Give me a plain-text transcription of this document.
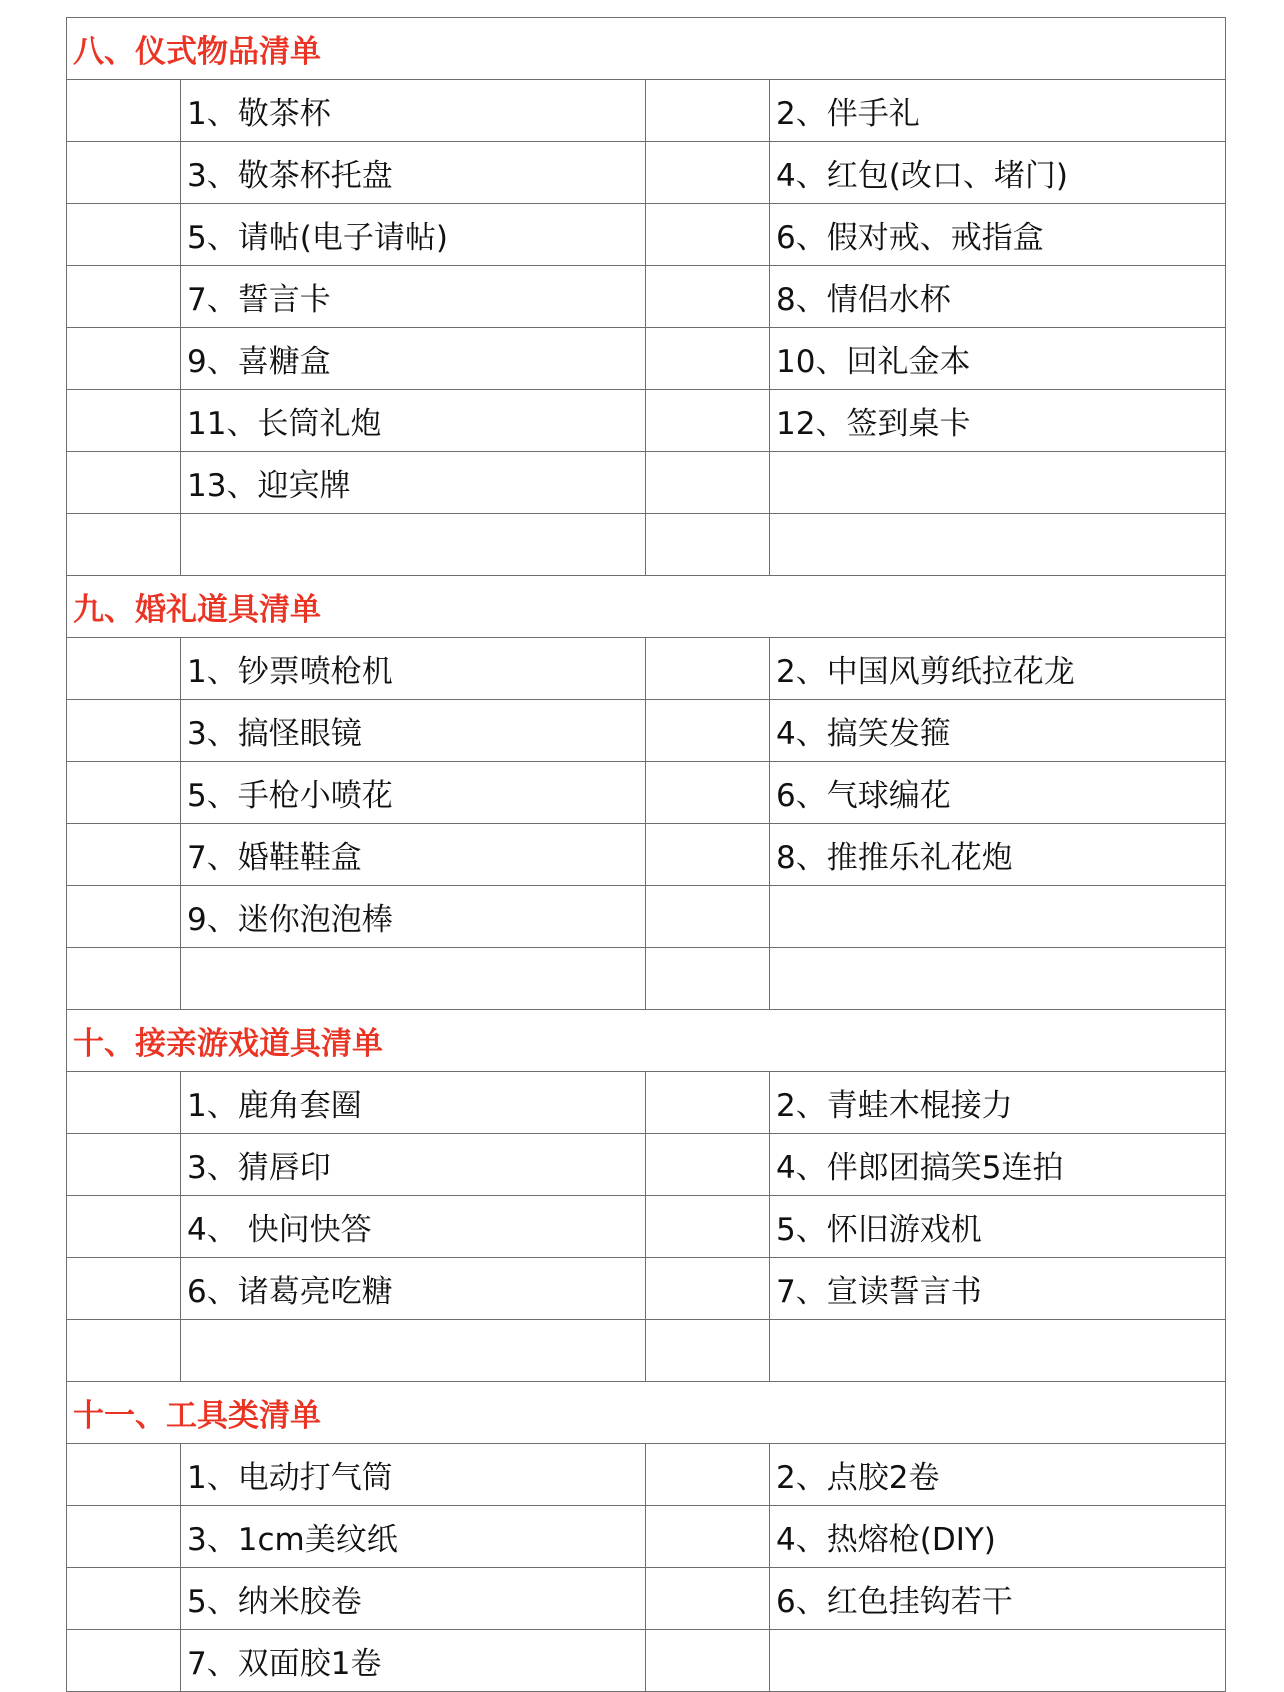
八、仪式物品清单			
	1、敬茶杯		2、伴手礼
	3、敬茶杯托盘		4、红包(改口、堵门)
	5、请帖(电子请帖)		6、假对戒、戒指盒
	7、誓言卡		8、情侣水杯
	9、喜糖盒		10、回礼金本
	11、长筒礼炮		12、签到桌卡
	13、迎宾牌		

九、婚礼道具清单			
	1、钞票喷枪机		2、中国风剪纸拉花龙
	3、搞怪眼镜		4、搞笑发箍
	5、手枪小喷花		6、气球编花
	7、婚鞋鞋盒		8、推推乐礼花炮
	9、迷你泡泡棒		

十、接亲游戏道具清单			
	1、鹿角套圈		2、青蛙木棍接力
	3、猜唇印		4、伴郎团搞笑5连拍
	4、 快问快答		5、怀旧游戏机
	6、诸葛亮吃糖		7、宣读誓言书

十一、工具类清单			
	1、电动打气筒		2、点胶2卷
	3、1cm美纹纸		4、热熔枪(DIY)
	5、纳米胶卷		6、红色挂钩若干
	7、双面胶1卷		
